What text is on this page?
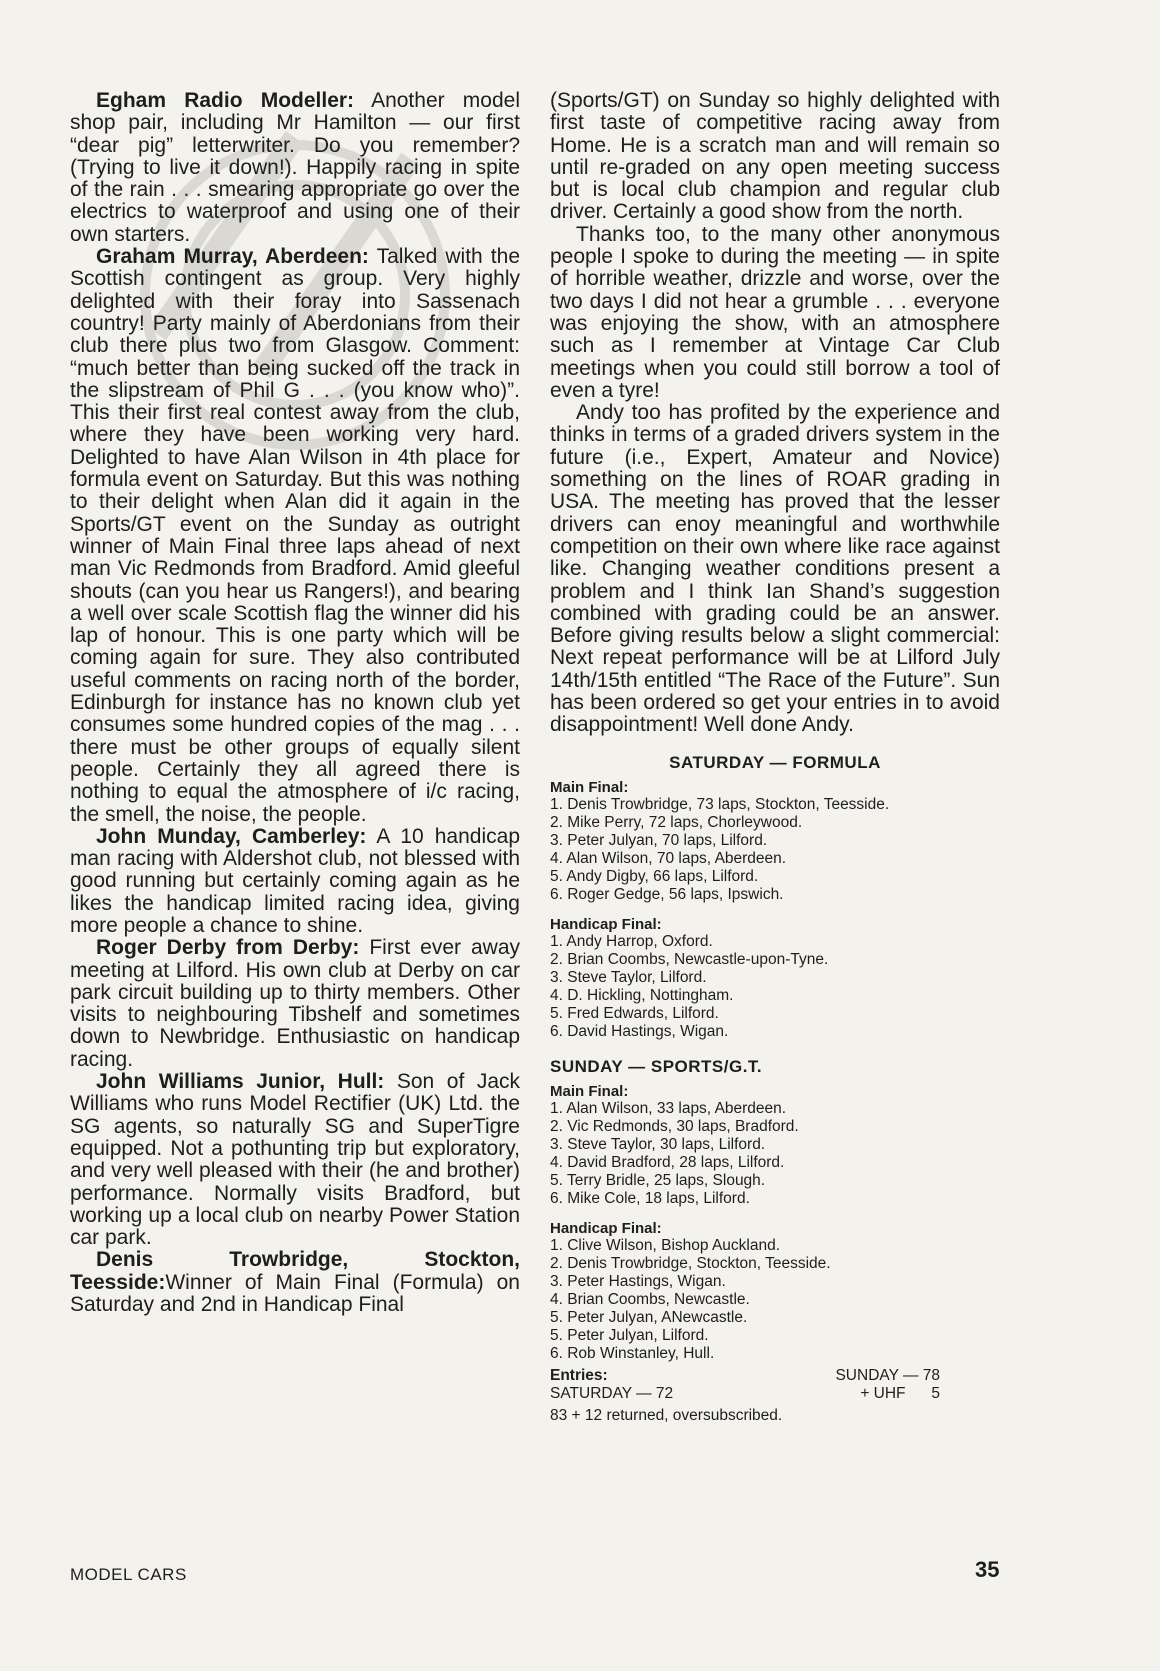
Egham Radio Modeller: Another model shop pair, including Mr Hamilton — our first “dear pig” letterwriter. Do you remember? (Trying to live it down!). Happily racing in spite of the rain . . . smearing appropriate go over the electrics to waterproof and using one of their own starters.

Graham Murray, Aberdeen: Talked with the Scottish contingent as group. Very highly delighted with their foray into Sassenach country! Party mainly of Aberdonians from their club there plus two from Glasgow. Comment: “much better than being sucked off the track in the slipstream of Phil G . . . (you know who)”. This their first real contest away from the club, where they have been working very hard. Delighted to have Alan Wilson in 4th place for formula event on Saturday. But this was nothing to their delight when Alan did it again in the Sports/GT event on the Sunday as outright winner of Main Final three laps ahead of next man Vic Redmonds from Bradford. Amid gleeful shouts (can you hear us Rangers!), and bearing a well over scale Scottish flag the winner did his lap of honour. This is one party which will be coming again for sure. They also contributed useful comments on racing north of the border, Edinburgh for instance has no known club yet consumes some hundred copies of the mag . . . there must be other groups of equally silent people. Certainly they all agreed there is nothing to equal the atmosphere of i/c racing, the smell, the noise, the people.

John Munday, Camberley: A 10 handicap man racing with Aldershot club, not blessed with good running but certainly coming again as he likes the handicap limited racing idea, giving more people a chance to shine.

Roger Derby from Derby: First ever away meeting at Lilford. His own club at Derby on car park circuit building up to thirty members. Other visits to neighbouring Tibshelf and sometimes down to Newbridge. Enthusiastic on handicap racing.

John Williams Junior, Hull: Son of Jack Williams who runs Model Rectifier (UK) Ltd. the SG agents, so naturally SG and SuperTigre equipped. Not a pothunting trip but exploratory, and very well pleased with their (he and brother) performance. Normally visits Bradford, but working up a local club on nearby Power Station car park.

Denis Trowbridge, Stockton, Teesside:Winner of Main Final (Formula) on Saturday and 2nd in Handicap Final

(Sports/GT) on Sunday so highly delighted with first taste of competitive racing away from Home. He is a scratch man and will remain so until re-graded on any open meeting success but is local club champion and regular club driver. Certainly a good show from the north.

Thanks too, to the many other anonymous people I spoke to during the meeting — in spite of horrible weather, drizzle and worse, over the two days I did not hear a grumble . . . everyone was enjoying the show, with an atmosphere such as I remember at Vintage Car Club meetings when you could still borrow a tool of even a tyre!

Andy too has profited by the experience and thinks in terms of a graded drivers system in the future (i.e., Expert, Amateur and Novice) something on the lines of ROAR grading in USA. The meeting has proved that the lesser drivers can enoy meaningful and worthwhile competition on their own where like race against like. Changing weather conditions present a problem and I think Ian Shand’s suggestion combined with grading could be an answer. Before giving results below a slight commercial: Next repeat performance will be at Lilford July 14th/15th entitled “The Race of the Future”. Sun has been ordered so get your entries in to avoid disappointment! Well done Andy.

SATURDAY — FORMULA
Main Final:
1. Denis Trowbridge, 73 laps, Stockton, Teesside.
2. Mike Perry, 72 laps, Chorleywood.
3. Peter Julyan, 70 laps, Lilford.
4. Alan Wilson, 70 laps, Aberdeen.
5. Andy Digby, 66 laps, Lilford.
6. Roger Gedge, 56 laps, Ipswich.
Handicap Final:
1. Andy Harrop, Oxford.
2. Brian Coombs, Newcastle-upon-Tyne.
3. Steve Taylor, Lilford.
4. D. Hickling, Nottingham.
5. Fred Edwards, Lilford.
6. David Hastings, Wigan.
SUNDAY — SPORTS/G.T.
Main Final:
1. Alan Wilson, 33 laps, Aberdeen.
2. Vic Redmonds, 30 laps, Bradford.
3. Steve Taylor, 30 laps, Lilford.
4. David Bradford, 28 laps, Lilford.
5. Terry Bridle, 25 laps, Slough.
6. Mike Cole, 18 laps, Lilford.
Handicap Final:
1. Clive Wilson, Bishop Auckland.
2. Denis Trowbridge, Stockton, Teesside.
3. Peter Hastings, Wigan.
4. Brian Coombs, Newcastle.
5. Peter Julyan, ANewcastle.
5. Peter Julyan, Lilford.
6. Rob Winstanley, Hull.
Entries:	SUNDAY — 78
SATURDAY — 72	+ UHF      5
83 + 12 returned, oversubscribed.
MODEL CARS	35
